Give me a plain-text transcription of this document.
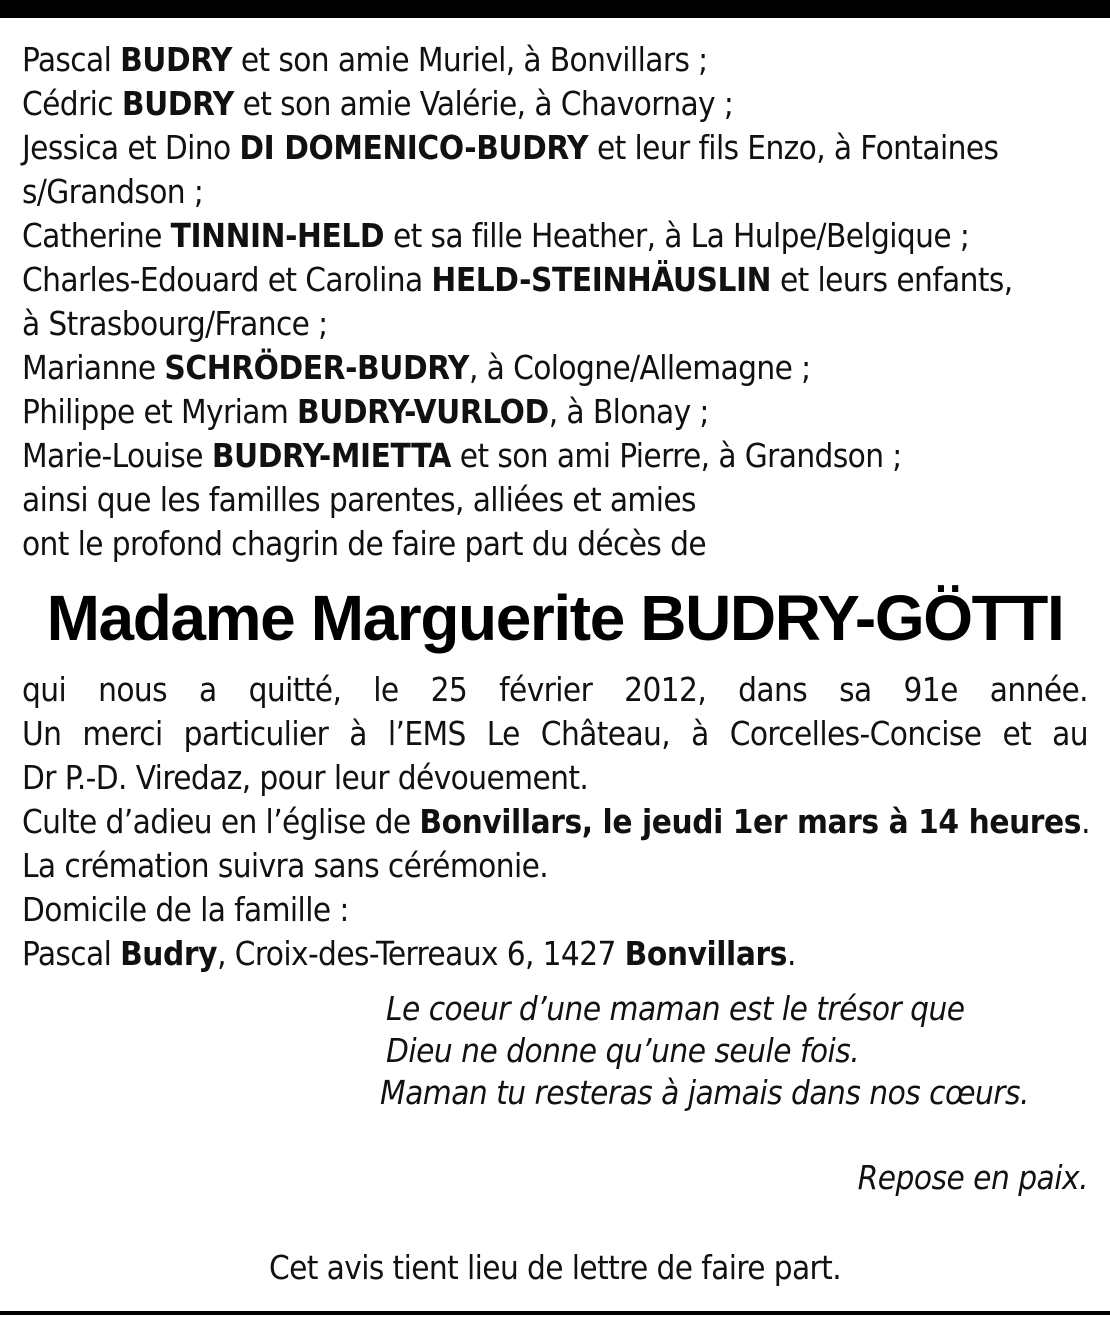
Pascal BUDRY et son amie Muriel, à Bonvillars ;
Cédric BUDRY et son amie Valérie, à Chavornay ;
Jessica et Dino DI DOMENICO-BUDRY et leur fils Enzo, à Fontaines
s/Grandson ;
Catherine TINNIN-HELD et sa fille Heather, à La Hulpe/Belgique ;
Charles-Edouard et Carolina HELD-STEINHÄUSLIN et leurs enfants,
à Strasbourg/France ;
Marianne SCHRÖDER-BUDRY, à Cologne/Allemagne ;
Philippe et Myriam BUDRY-VURLOD, à Blonay ;
Marie-Louise BUDRY-MIETTA et son ami Pierre, à Grandson ;
ainsi que les familles parentes, alliées et amies
ont le profond chagrin de faire part du décès de
Madame Marguerite BUDRY-GÖTTI
qui nous a quitté, le 25 février 2012, dans sa 91e année.
Un merci particulier à l’EMS Le Château, à Corcelles-Concise et au
Dr P.-D. Viredaz, pour leur dévouement.
Culte d’adieu en l’église de Bonvillars, le jeudi 1er mars à 14 heures.
La crémation suivra sans cérémonie.
Domicile de la famille :
Pascal Budry, Croix-des-Terreaux 6, 1427 Bonvillars.
Le coeur d’une maman est le trésor que
Dieu ne donne qu’une seule fois.
Maman tu resteras à jamais dans nos cœurs.
Repose en paix.
Cet avis tient lieu de lettre de faire part.
